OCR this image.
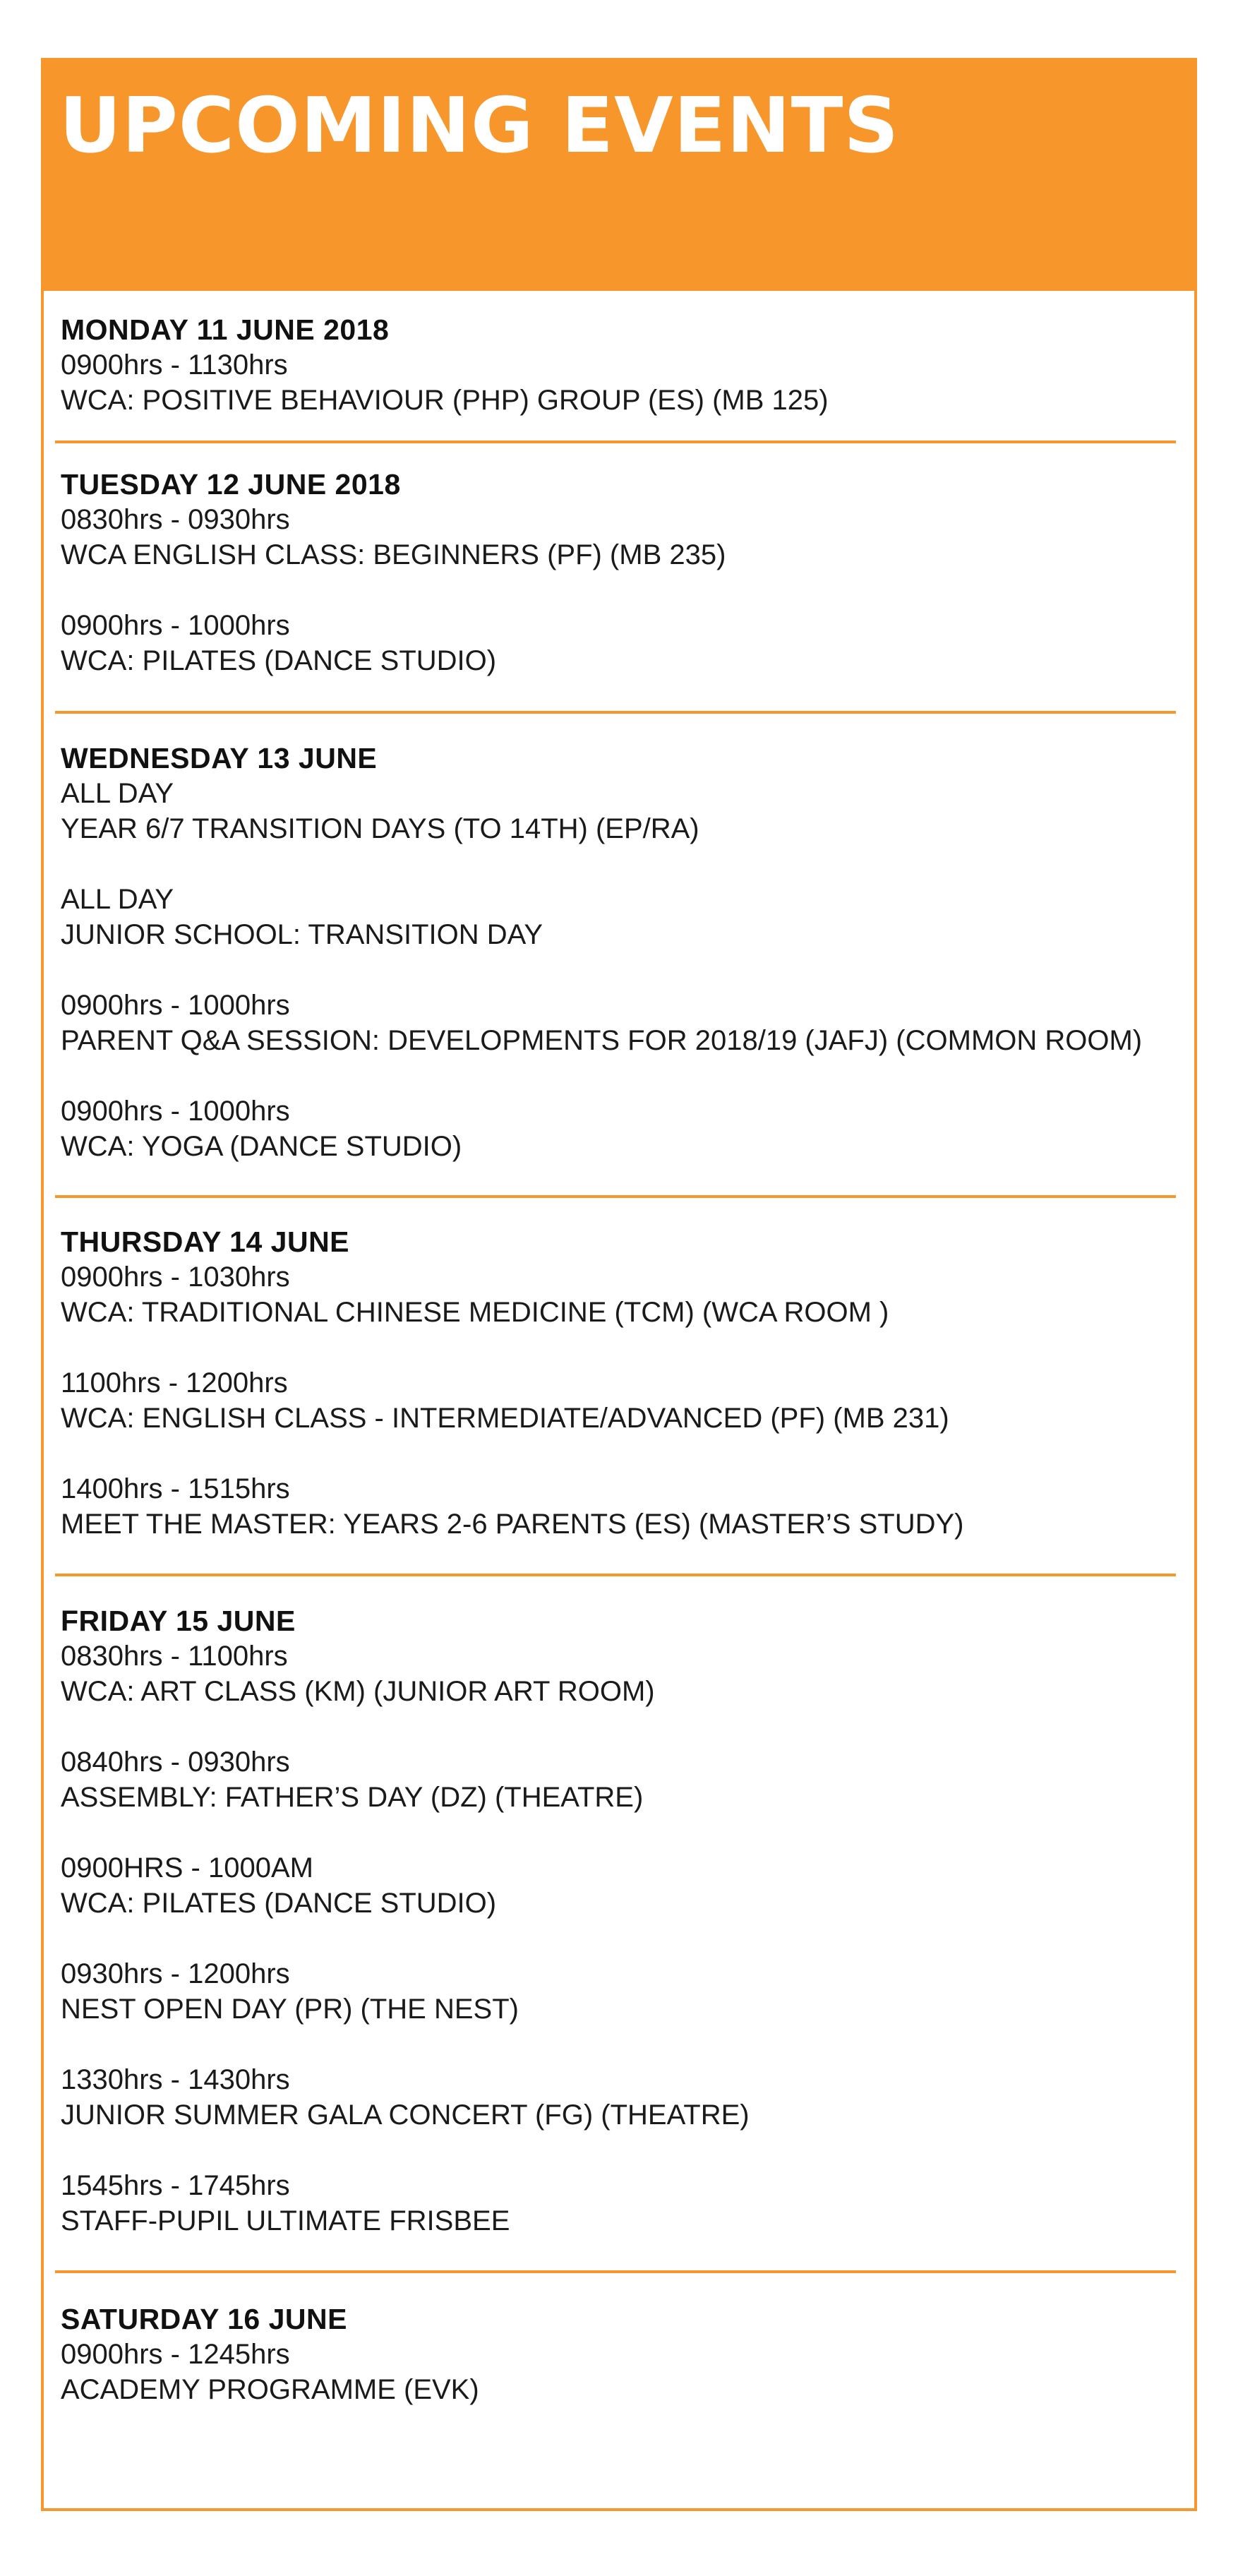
UPCOMING EVENTS
MONDAY 11 JUNE 2018
0900hrs - 1130hrs
WCA: POSITIVE BEHAVIOUR (PHP) GROUP (ES) (MB 125)
TUESDAY 12 JUNE 2018
0830hrs - 0930hrs
WCA ENGLISH CLASS: BEGINNERS (PF) (MB 235)
0900hrs - 1000hrs
WCA: PILATES (DANCE STUDIO)
WEDNESDAY 13 JUNE
ALL DAY
YEAR 6/7 TRANSITION DAYS (TO 14TH) (EP/RA)
ALL DAY
JUNIOR SCHOOL: TRANSITION DAY
0900hrs - 1000hrs
PARENT Q&A SESSION: DEVELOPMENTS FOR 2018/19 (JAFJ) (COMMON ROOM)
0900hrs - 1000hrs
WCA: YOGA (DANCE STUDIO)
THURSDAY 14 JUNE
0900hrs - 1030hrs
WCA: TRADITIONAL CHINESE MEDICINE (TCM) (WCA ROOM )
1100hrs - 1200hrs
WCA: ENGLISH CLASS - INTERMEDIATE/ADVANCED (PF) (MB 231)
1400hrs - 1515hrs
MEET THE MASTER: YEARS 2-6 PARENTS (ES) (MASTER’S STUDY)
FRIDAY 15 JUNE
0830hrs - 1100hrs
WCA: ART CLASS (KM) (JUNIOR ART ROOM)
0840hrs - 0930hrs
ASSEMBLY: FATHER’S DAY (DZ) (THEATRE)
0900HRS - 1000AM
WCA: PILATES (DANCE STUDIO)
0930hrs - 1200hrs
NEST OPEN DAY (PR) (THE NEST)
1330hrs - 1430hrs
JUNIOR SUMMER GALA CONCERT (FG) (THEATRE)
1545hrs - 1745hrs
STAFF-PUPIL ULTIMATE FRISBEE
SATURDAY 16 JUNE
0900hrs - 1245hrs
ACADEMY PROGRAMME (EVK)
